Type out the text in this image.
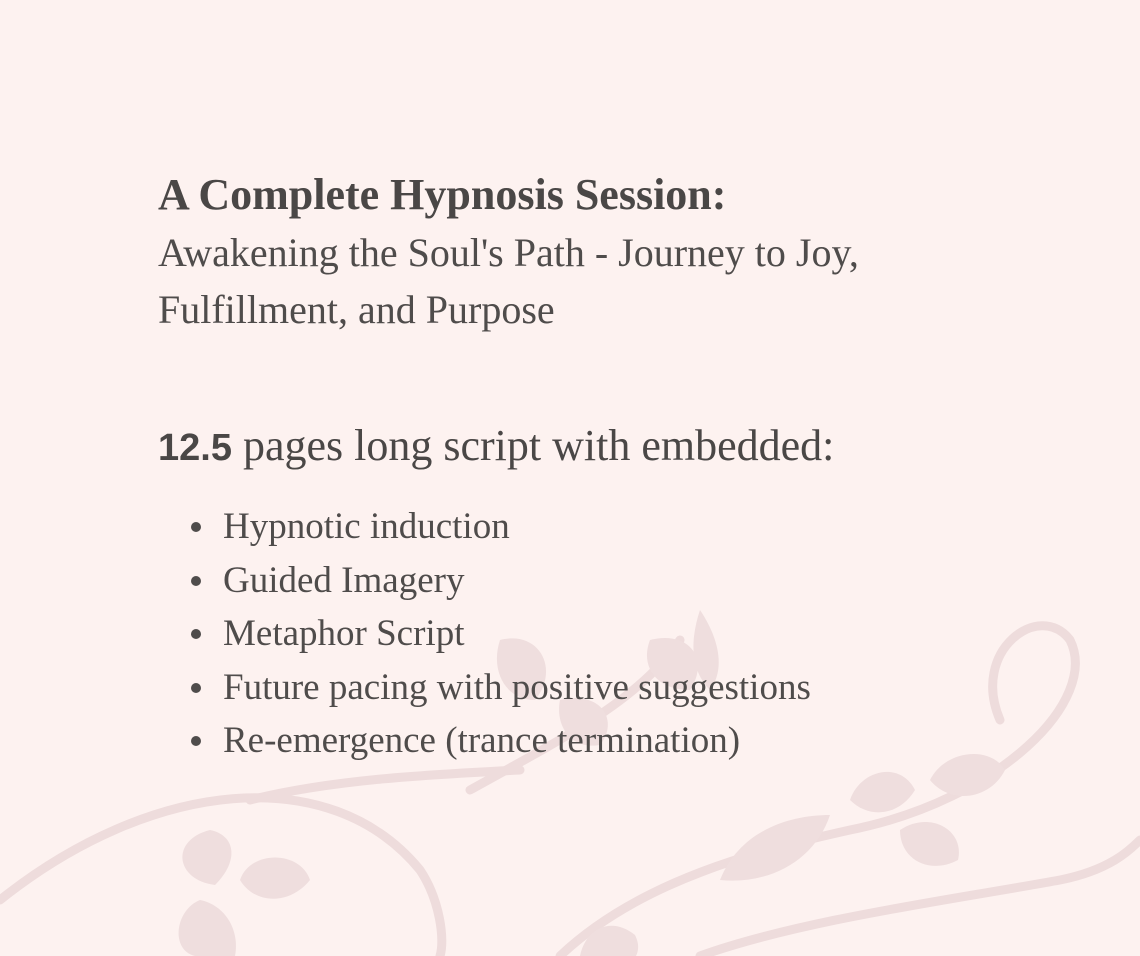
A Complete Hypnosis Session:

Awakening the Soul's Path - Journey to Joy, Fulfillment, and Purpose

12.5 pages long script with embedded:

Hypnotic induction
Guided Imagery
Metaphor Script
Future pacing with positive suggestions
Re-emergence (trance termination)
